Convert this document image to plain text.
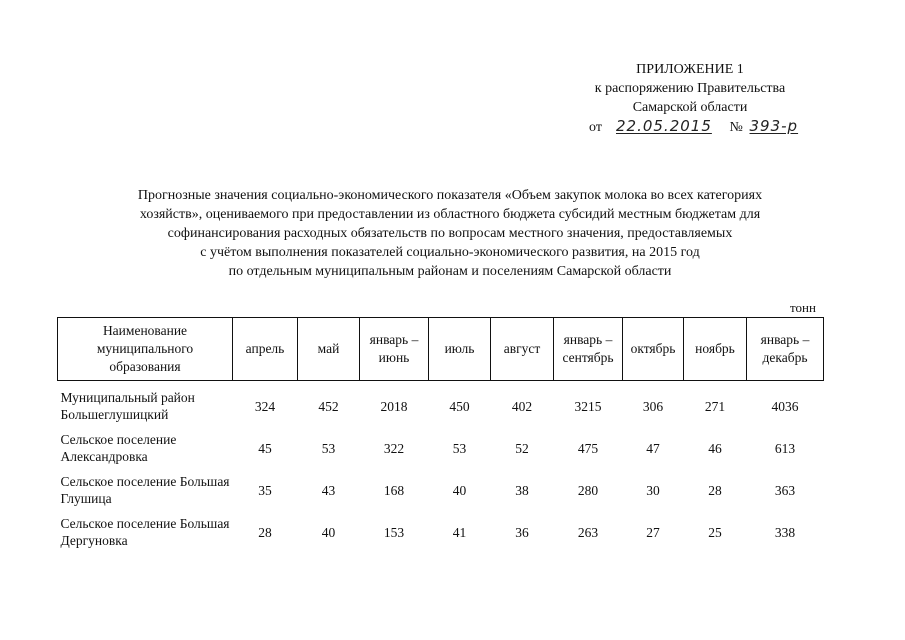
ПРИЛОЖЕНИЕ 1
к распоряжению Правительства
Самарской области
от 22.05.2015 № 393-р
Прогнозные значения социально-экономического показателя «Объем закупок молока во всех категориях
хозяйств», оцениваемого при предоставлении из областного бюджета субсидий местным бюджетам для
софинансирования расходных обязательств по вопросам местного значения, предоставляемых
с учётом выполнения показателей социально-экономического развития, на 2015 год
по отдельным муниципальным районам и поселениям Самарской области
тонн
Наименование муниципального образования	апрель	май	январь – июнь	июль	август	январь – сентябрь	октябрь	ноябрь	январь – декабрь
Муниципальный район Большеглушицкий	324	452	2018	450	402	3215	306	271	4036
Сельское поселение Александровка	45	53	322	53	52	475	47	46	613
Сельское поселение Большая Глушица	35	43	168	40	38	280	30	28	363
Сельское поселение Большая Дергуновка	28	40	153	41	36	263	27	25	338
